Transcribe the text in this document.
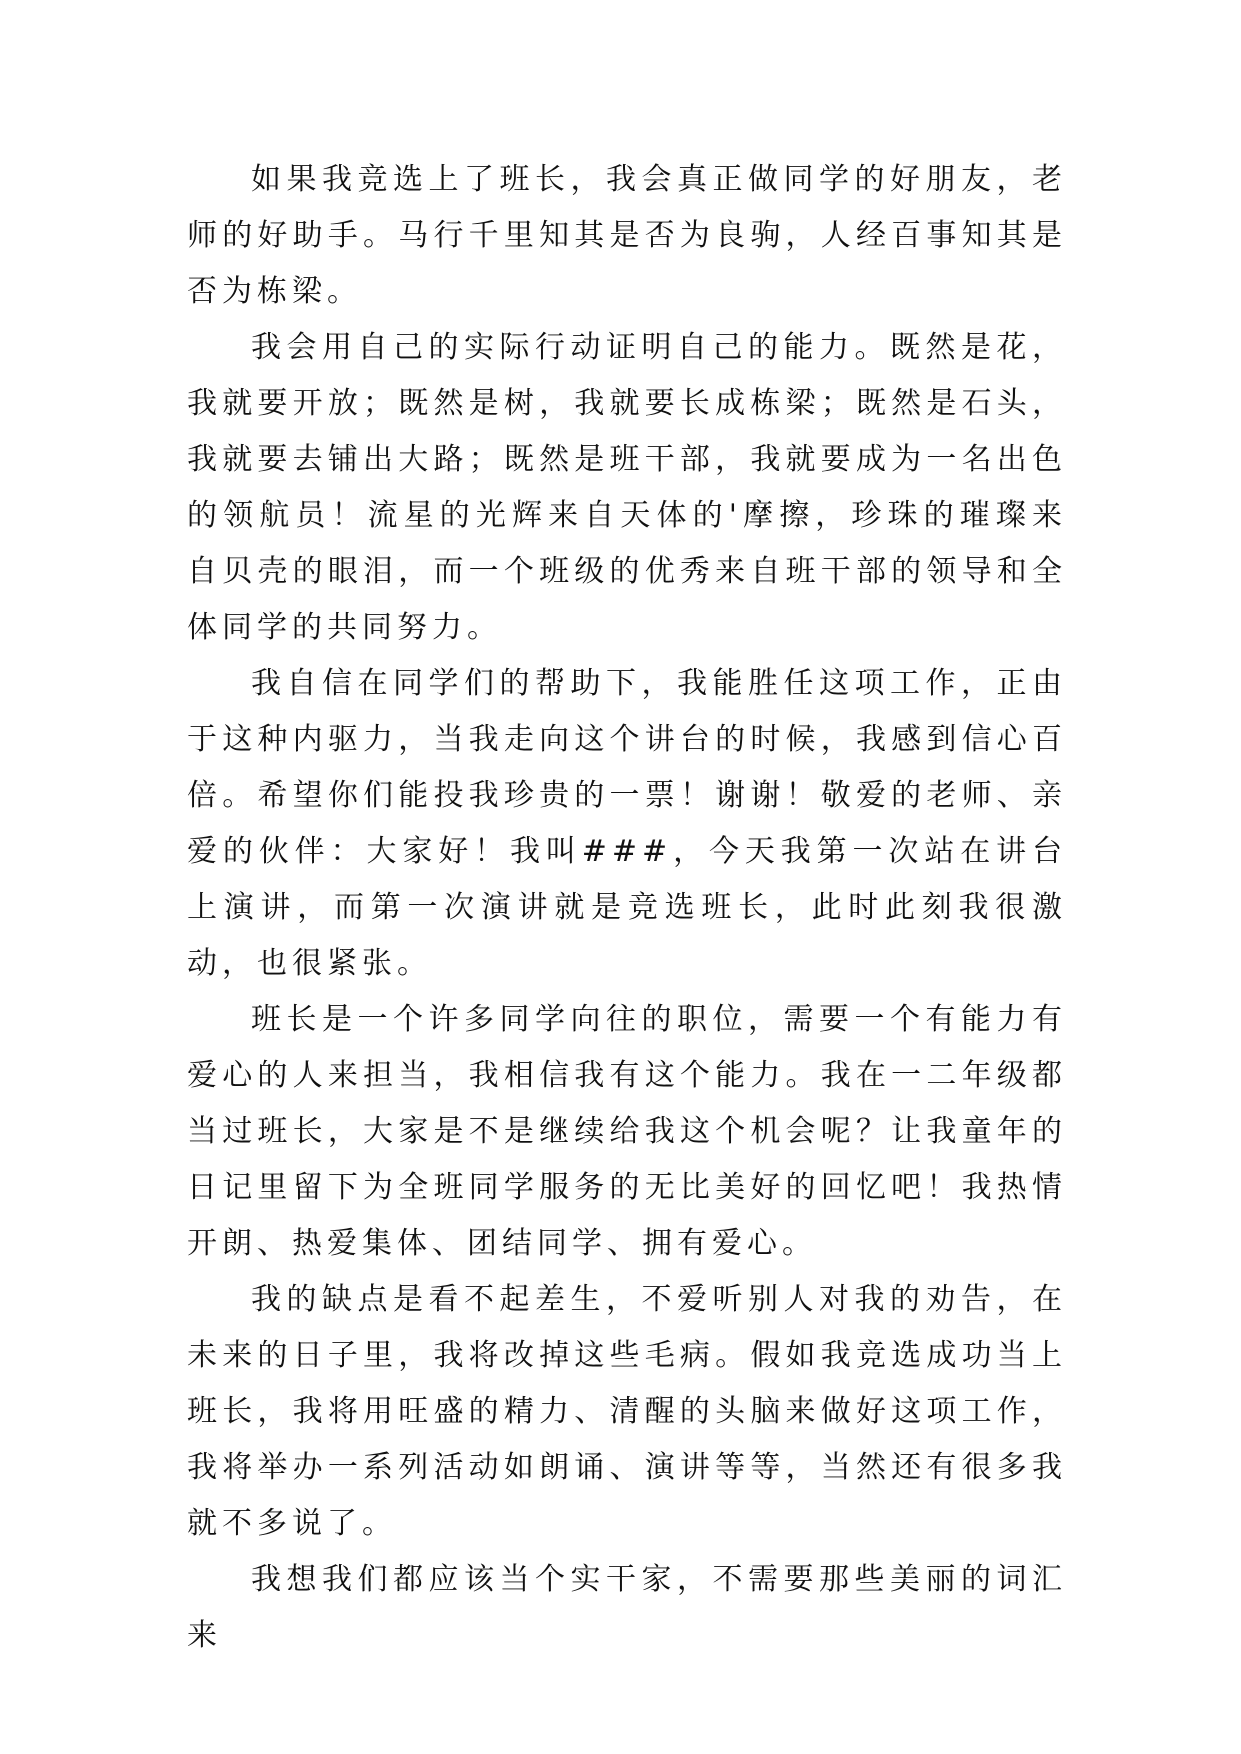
如果我竞选上了班长，我会真正做同学的好朋友，老师的好助手。马行千里知其是否为良驹，人经百事知其是否为栋梁。

我会用自己的实际行动证明自己的能力。既然是花，我就要开放；既然是树，我就要长成栋梁；既然是石头，我就要去铺出大路；既然是班干部，我就要成为一名出色的领航员！流星的光辉来自天体的'摩擦，珍珠的璀璨来自贝壳的眼泪，而一个班级的优秀来自班干部的领导和全体同学的共同努力。

我自信在同学们的帮助下，我能胜任这项工作，正由于这种内驱力，当我走向这个讲台的时候，我感到信心百倍。希望你们能投我珍贵的一票！谢谢！敬爱的老师、亲爱的伙伴：大家好！我叫###，今天我第一次站在讲台上演讲，而第一次演讲就是竞选班长，此时此刻我很激动，也很紧张。

班长是一个许多同学向往的职位，需要一个有能力有爱心的人来担当，我相信我有这个能力。我在一二年级都当过班长，大家是不是继续给我这个机会呢？让我童年的日记里留下为全班同学服务的无比美好的回忆吧！我热情开朗、热爱集体、团结同学、拥有爱心。

我的缺点是看不起差生，不爱听别人对我的劝告，在未来的日子里，我将改掉这些毛病。假如我竞选成功当上班长，我将用旺盛的精力、清醒的头脑来做好这项工作，我将举办一系列活动如朗诵、演讲等等，当然还有很多我就不多说了。

我想我们都应该当个实干家，不需要那些美丽的词汇来
